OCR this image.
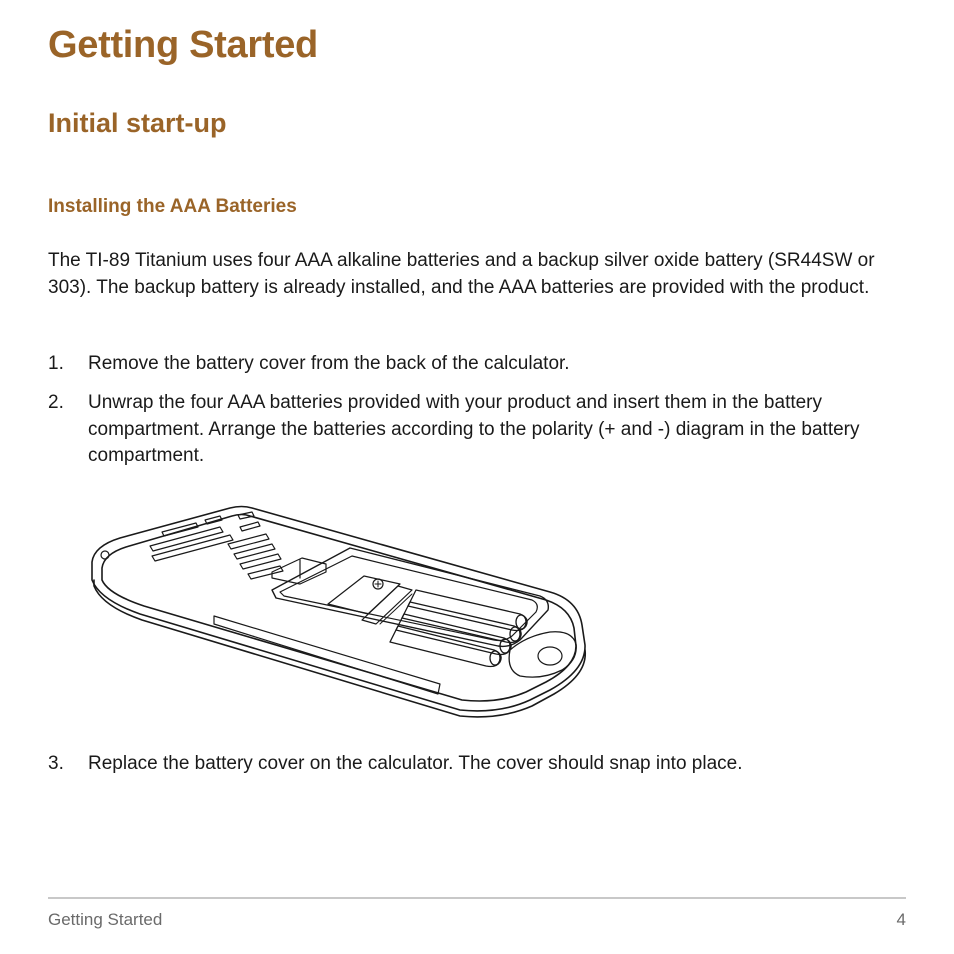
Getting Started
Initial start-up
Installing the AAA Batteries

The TI-89 Titanium uses four AAA alkaline batteries and a backup silver oxide battery (SR44SW or 303). The backup battery is already installed, and the AAA batteries are provided with the product.

1. Remove the battery cover from the back of the calculator.
2. Unwrap the four AAA batteries provided with your product and insert them in the battery compartment. Arrange the batteries according to the polarity (+ and -) diagram in the battery compartment.
3. Replace the battery cover on the calculator. The cover should snap into place.
Getting Started	4
